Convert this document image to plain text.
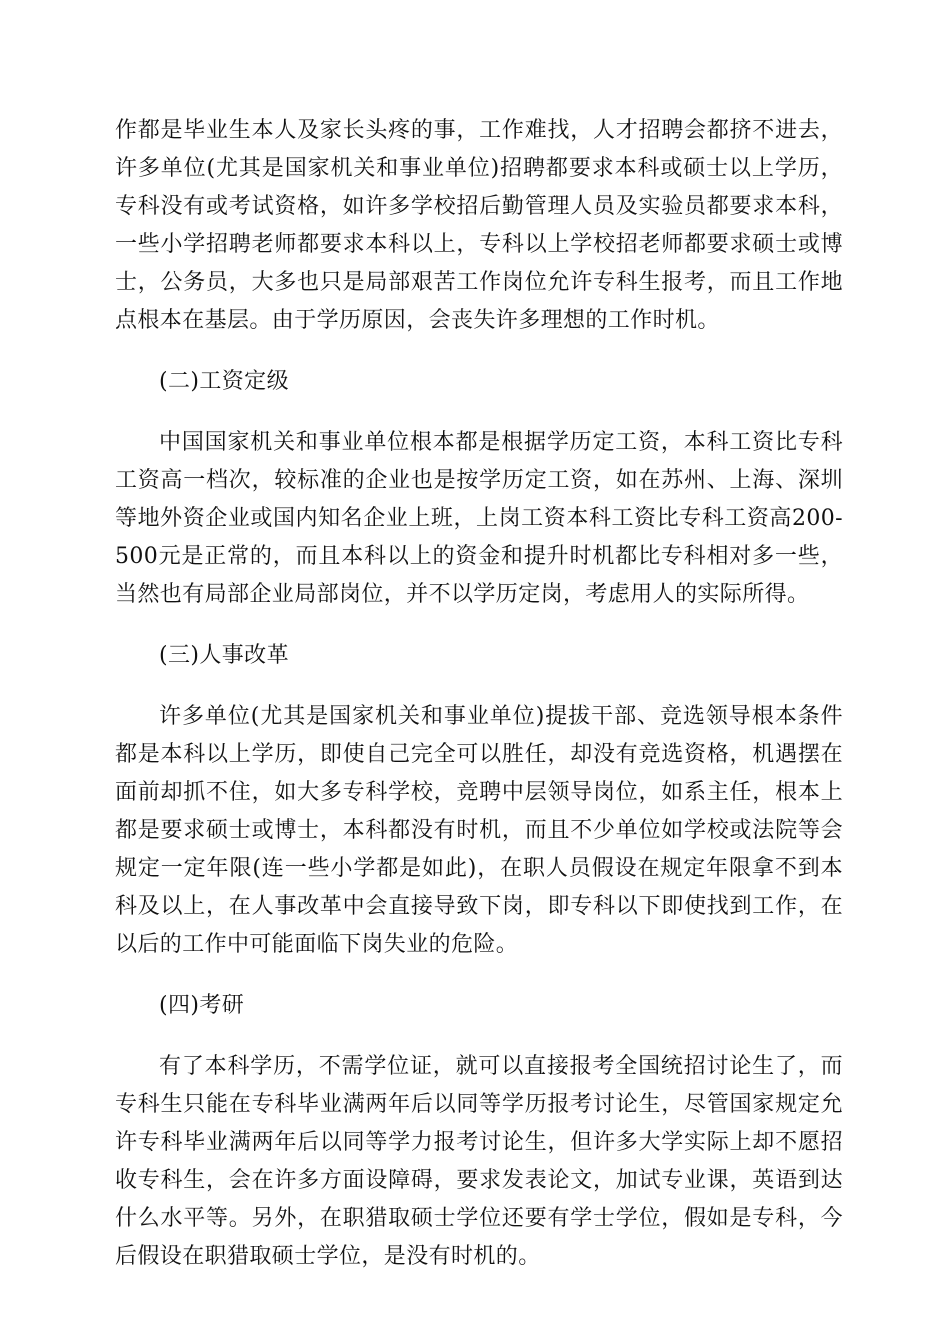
作都是毕业生本人及家长头疼的事，工作难找，人才招聘会都挤不进去，许多单位(尤其是国家机关和事业单位)招聘都要求本科或硕士以上学历，专科没有或考试资格，如许多学校招后勤管理人员及实验员都要求本科，一些小学招聘老师都要求本科以上，专科以上学校招老师都要求硕士或博士，公务员，大多也只是局部艰苦工作岗位允许专科生报考，而且工作地点根本在基层。由于学历原因，会丧失许多理想的工作时机。

(二)工资定级

中国国家机关和事业单位根本都是根据学历定工资，本科工资比专科工资高一档次，较标准的企业也是按学历定工资，如在苏州、上海、深圳等地外资企业或国内知名企业上班，上岗工资本科工资比专科工资高200-500元是正常的，而且本科以上的资金和提升时机都比专科相对多一些，当然也有局部企业局部岗位，并不以学历定岗，考虑用人的实际所得。

(三)人事改革

许多单位(尤其是国家机关和事业单位)提拔干部、竞选领导根本条件都是本科以上学历，即使自己完全可以胜任，却没有竞选资格，机遇摆在面前却抓不住，如大多专科学校，竞聘中层领导岗位，如系主任，根本上都是要求硕士或博士，本科都没有时机，而且不少单位如学校或法院等会规定一定年限(连一些小学都是如此)，在职人员假设在规定年限拿不到本科及以上，在人事改革中会直接导致下岗，即专科以下即使找到工作，在以后的工作中可能面临下岗失业的危险。

(四)考研

有了本科学历，不需学位证，就可以直接报考全国统招讨论生了，而专科生只能在专科毕业满两年后以同等学历报考讨论生，尽管国家规定允许专科毕业满两年后以同等学力报考讨论生，但许多大学实际上却不愿招收专科生，会在许多方面设障碍，要求发表论文，加试专业课，英语到达什么水平等。另外，在职猎取硕士学位还要有学士学位，假如是专科，今后假设在职猎取硕士学位，是没有时机的。
